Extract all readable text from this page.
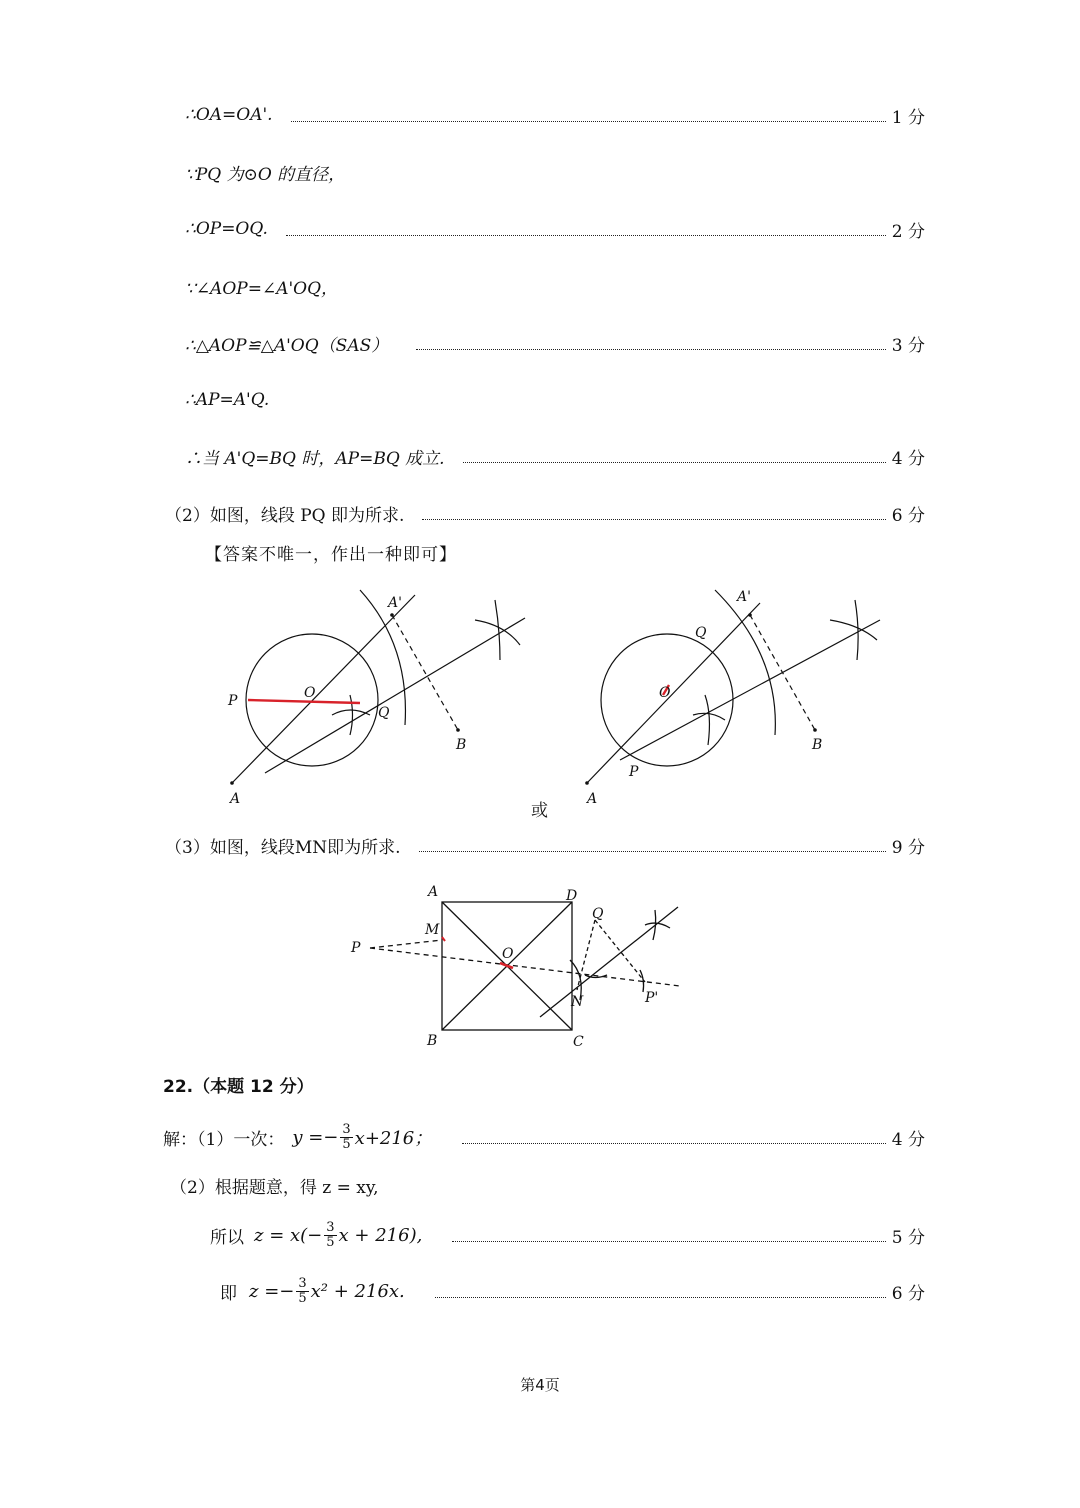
∴OA=OA'.	1 分
∵PQ 为⊙O 的直径，
∴OP=OQ.	2 分
∵∠AOP=∠A'OQ，
∴△AOP≌△A'OQ（SAS）	3 分
∴AP=A'Q.
∴当 A'Q=BQ 时，AP=BQ 成立.	4 分
（2）如图，线段 PQ 即为所求.	6 分
【答案不唯一，作出一种即可】
A
A'
O
P
Q
B
或
A
A'
O
P
Q
B
（3）如图，线段MN即为所求.	9 分
A	D
B	C
M
N
O
P
Q
P'
22.（本题 12 分）
解：（1）一次： $y =- \frac{3}{5} x+216$；	4 分
（2）根据题意，得 z = xy,
所以 $z = x(- \frac{3}{5}$ x + 216),	5 分
即 $z =- \frac{3}{5} x^2 + 216x$.	6 分
第4页
